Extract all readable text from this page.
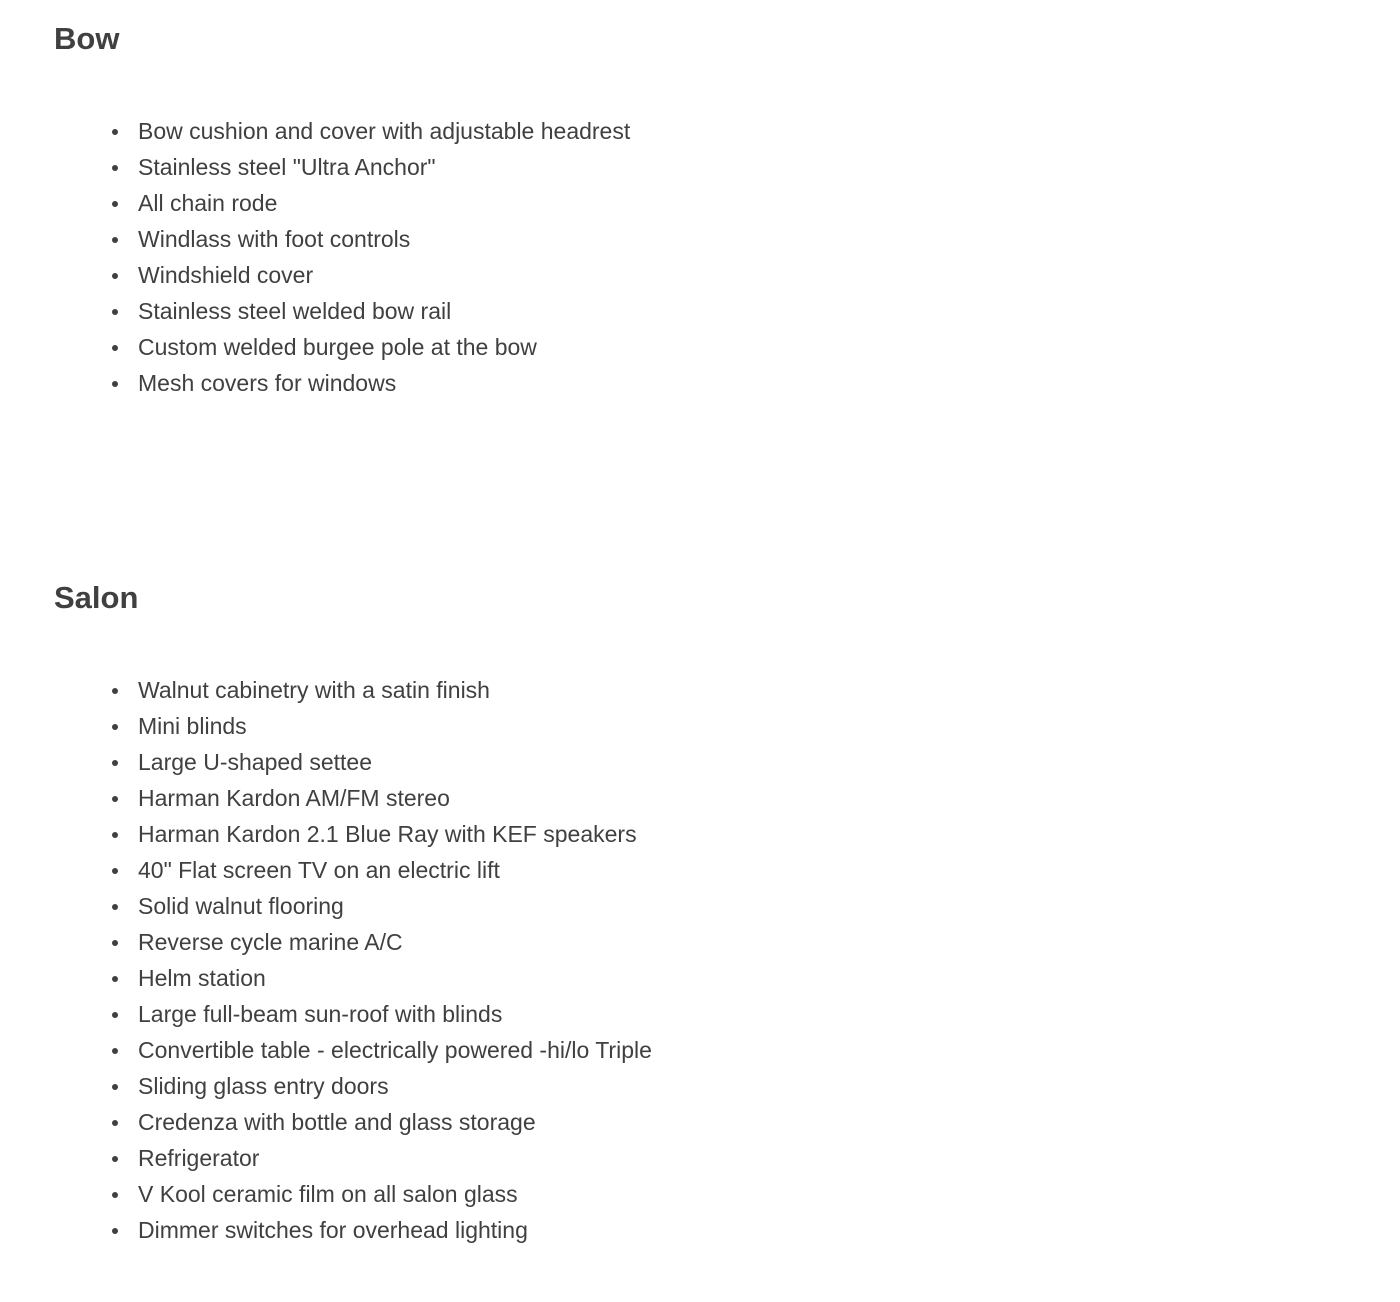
Bow
Bow cushion and cover with adjustable headrest
Stainless steel "Ultra Anchor"
All chain rode
Windlass with foot controls
Windshield cover
Stainless steel welded bow rail
Custom welded burgee pole at the bow
Mesh covers for windows
Salon
Walnut cabinetry with a satin finish
Mini blinds
Large U-shaped settee
Harman Kardon AM/FM stereo
Harman Kardon 2.1 Blue Ray with KEF speakers
40" Flat screen TV on an electric lift
Solid walnut flooring
Reverse cycle marine A/C
Helm station
Large full-beam sun-roof with blinds
Convertible table - electrically powered -hi/lo Triple
Sliding glass entry doors
Credenza with bottle and glass storage
Refrigerator
V Kool ceramic film on all salon glass
Dimmer switches for overhead lighting
